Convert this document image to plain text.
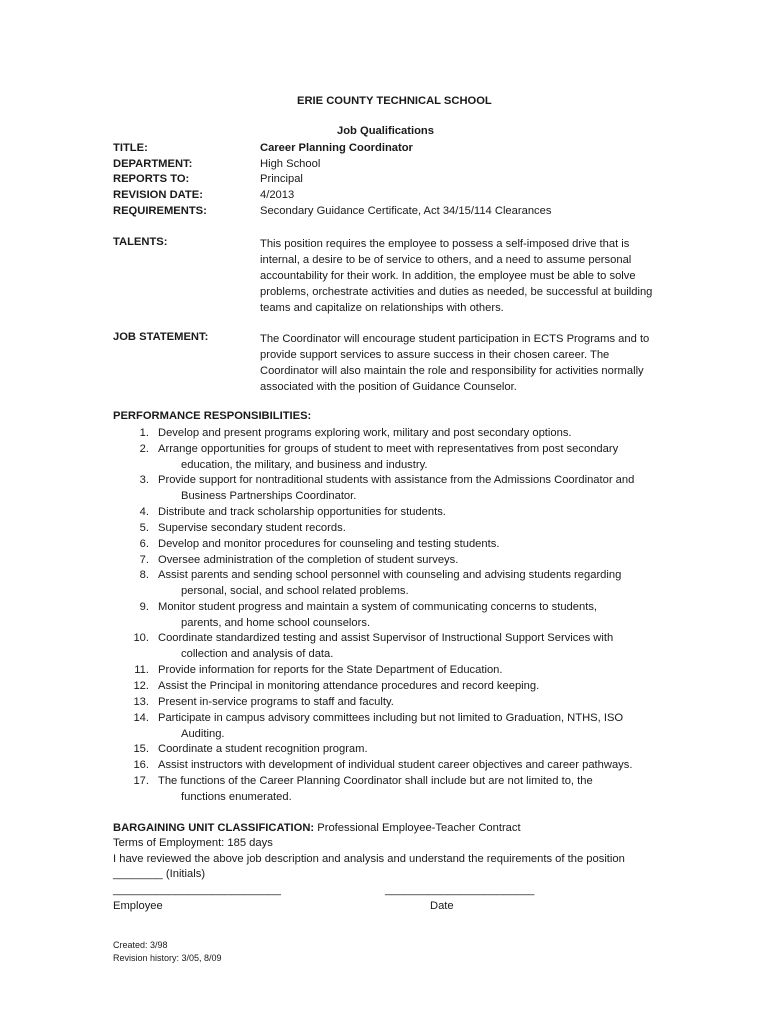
ERIE COUNTY TECHNICAL SCHOOL
Job Qualifications
TITLE:	Career Planning Coordinator
DEPARTMENT:	High School
REPORTS TO:	Principal
REVISION DATE:	4/2013
REQUIREMENTS:	Secondary Guidance Certificate, Act 34/15/114 Clearances
TALENTS:	This position requires the employee to possess a self-imposed drive that is internal, a desire to be of service to others, and a need to assume personal accountability for their work. In addition, the employee must be able to solve problems, orchestrate activities and duties as needed, be successful at building teams and capitalize on relationships with others.
JOB STATEMENT:	The Coordinator will encourage student participation in ECTS Programs and to provide support services to assure success in their chosen career. The Coordinator will also maintain the role and responsibility for activities normally associated with the position of Guidance Counselor.
PERFORMANCE RESPONSIBILITIES:
1. Develop and present programs exploring work, military and post secondary options.
2. Arrange opportunities for groups of student to meet with representatives from post secondary
education, the military, and business and industry.
3. Provide support for nontraditional students with assistance from the Admissions Coordinator and
Business Partnerships Coordinator.
4. Distribute and track scholarship opportunities for students.
5. Supervise secondary student records.
6. Develop and monitor procedures for counseling and testing students.
7. Oversee administration of the completion of student surveys.
8. Assist parents and sending school personnel with counseling and advising students regarding
personal, social, and school related problems.
9. Monitor student progress and maintain a system of communicating concerns to students,
parents, and home school counselors.
10. Coordinate standardized testing and assist Supervisor of Instructional Support Services with
collection and analysis of data.
11. Provide information for reports for the State Department of Education.
12. Assist the Principal in monitoring attendance procedures and record keeping.
13. Present in-service programs to staff and faculty.
14. Participate in campus advisory committees including but not limited to Graduation, NTHS, ISO
Auditing.
15. Coordinate a student recognition program.
16. Assist instructors with development of individual student career objectives and career pathways.
17. The functions of the Career Planning Coordinator shall include but are not limited to, the
functions enumerated.
BARGAINING UNIT CLASSIFICATION: Professional Employee-Teacher Contract
Terms of Employment: 185 days
I have reviewed the above job description and analysis and understand the requirements of the position
________ (Initials)
___________________________	________________________
Employee	Date
Created: 3/98
Revision history: 3/05, 8/09
